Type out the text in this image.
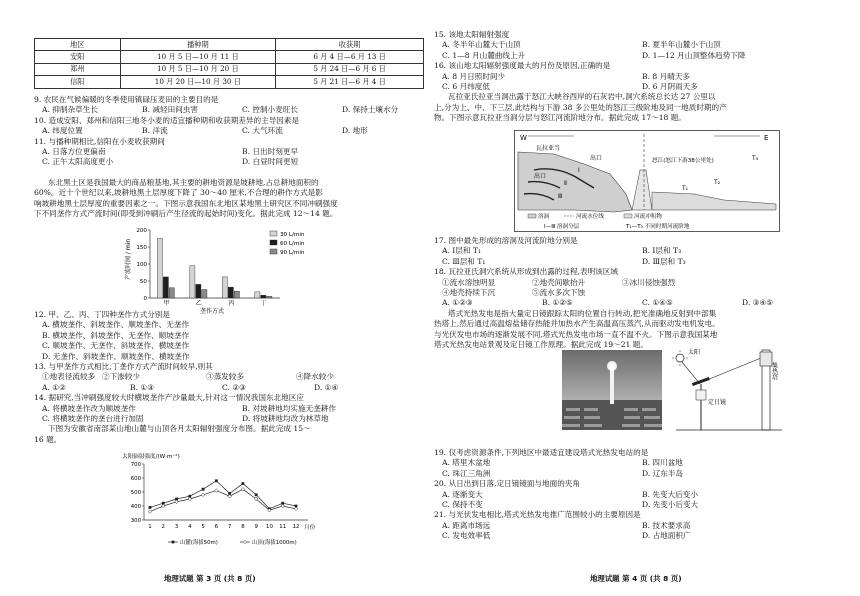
地区	播种期	收获期
安阳	10 月 5 日—10 月 11 日	6 月 4 日—6 月 13 日
郑州	10 月 5 日—10 月 20 日	5 月 24 日—6 月 6 日
信阳	10 月 20 日—10 月 30 日	5 月 21 日—6 月 4 日
9. 农民在气候偏暖的冬季使用镇碌压麦田的主要目的是
A. 抑制杂草生长	B. 减轻田间虫害	C. 控制小麦旺长	D. 保持土壤水分
10. 造成安阳、郑州和信阳三地冬小麦的适宜播种期和收获期差异的主导因素是
A. 纬度位置	B. 洋流	C. 大气环流	D. 地形
11. 与播种期相比,信阳在小麦收获期间
A. 日落方位更偏南	B. 日出时刻更早
C. 正午太阳高度更小	D. 白昼时间更短
东北黑土区是我国最大的商品粮基地,其主要的耕地资源是坡耕地,占总耕地面积的
60%。近十个世纪以来,坡耕地黑土层厚度下降了 30～40 厘米,不合理的耕作方式是影
响坡耕地黑土层厚度的重要因素之一。下图示意我国东北地区某地黑土研究区不同冲刷强度
下不同垄作方式产流时间(即受到冲刷后产生径流的起始时间)变化。据此完成 12～14 题。
产流时间 / min
200
150
100
50
0
甲	乙	丙	丁
垄作方式
30 L/min
60 L/min
90 L/min
12. 甲、乙、丙、丁四种垄作方式分别是
A. 横坡垄作、斜坡垄作、顺坡垄作、无垄作
B. 横坡垄作、斜坡垄作、无垄作、顺坡垄作
C. 顺坡垄作、无垄作、斜坡垄作、横坡垄作
D. 无垄作、斜坡垄作、顺坡垄作、横坡垄作
13. 与甲垄作方式相比,丁垄作方式产流时间较早,则其
①地表径流较多 ②下渗较少	③蒸发较多	④降水较少
A. ①②	B. ①③	C. ②③	D. ①④
14. 据研究,当冲刷强度较大时横坡垄作产沙量最大,针对这一情况我国东北地区应
A. 将横坡垄作改为顺坡垄作	B. 对坡耕地均实施无垄耕作
C. 将横坡垄作的垄台进行加固	D. 将坡耕地均改为林草地
下图为安徽省南部某山地山麓与山顶各月太阳辐射强度分布图。据此完成 15～
16 题。
太阳辐射强度/(W·m⁻²)
700
600
500
400
300
1 2 3 4 5 6 7 8 9 10 11 12 月份
山麓(海拔50m)	山顶(海拔1000m)
地理试题 第 3 页 (共 8 页)
15. 该地太阳辐射强度
A. 冬半年山麓大于山顶	B. 夏半年山麓小于山顶
C. 1—8 月山麓曲线上升	D. 1—12 月山顶整体趋势下降
16. 该山地太阳辐射强度最大的月份及原因,正确的是
A. 8 月日照时间少	B. 8 月晴天多
C. 6 月纬度低	D. 6 月阴雨天多
瓦拉亚氏拉亚当洞出露于怒江大峡谷西岸的石灰岩中,洞穴系统总长达 27 公里以
上,分为上、中、下三层,此结构与下游 38 多公里处的怒江三级阶地及同一地质时期的产
物。下图示意瓦拉亚当洞分层与怒江河流阶地分布。据此完成 17～18 题。
W	E
瓦拉亚当
出口
出口
Ⅰ
Ⅱ
Ⅲ
怒江(怒江下游38公里处)	T₃
T₂
T₁
溶洞	河流水位线	河流冲积物
Ⅰ—Ⅲ 溶洞分层	T₁—T₃ 不同时期河流阶地
17. 图中最先形成的溶洞及河流阶地分别是
A. Ⅰ层和 T₁	B. Ⅰ层和 T₃
C. Ⅲ层和 T₁	D. Ⅲ层和 T₃
18. 瓦拉亚氏洞穴系统从形成到出露的过程,表明该区域
①流水溶蚀明显	②地壳间歇抬升	③冰川侵蚀强烈
④地壳持续下沉	⑤流水多次下蚀
A. ①②③	B. ①②⑤	C. ①④⑤	D. ③④⑤
塔式光热发电是指大量定日镜跟踪太阳的位置自行转动,把光准确地反射到中部集
热塔上,然后通过高温熔盐储存热能并加热水产生高温高压蒸汽,从而驱动发电机发电。
与光伏发电市场的逐渐发展不同,塔式光热发电市场一直不温不火。下图示意我国某地
塔式光热发电站景观及定日镜工作原理。据此完成 19～21 题。
太阳
集热塔
定日镜
19. 仅考虑资源条件,下列地区中最适宜建设塔式光热发电站的是
A. 塔里木盆地	B. 四川盆地
C. 珠江三角洲	D. 辽东半岛
20. 从日出到日落,定日镜镜面与地面的夹角
A. 逐渐变大	B. 先变大后变小
C. 保持不变	D. 先变小后变大
21. 与光伏发电相比,塔式光热发电推广范围较小的主要原因是
A. 距离市场远	B. 技术要求高
C. 发电效率低	D. 占地面积广
地理试题 第 4 页 (共 8 页)
